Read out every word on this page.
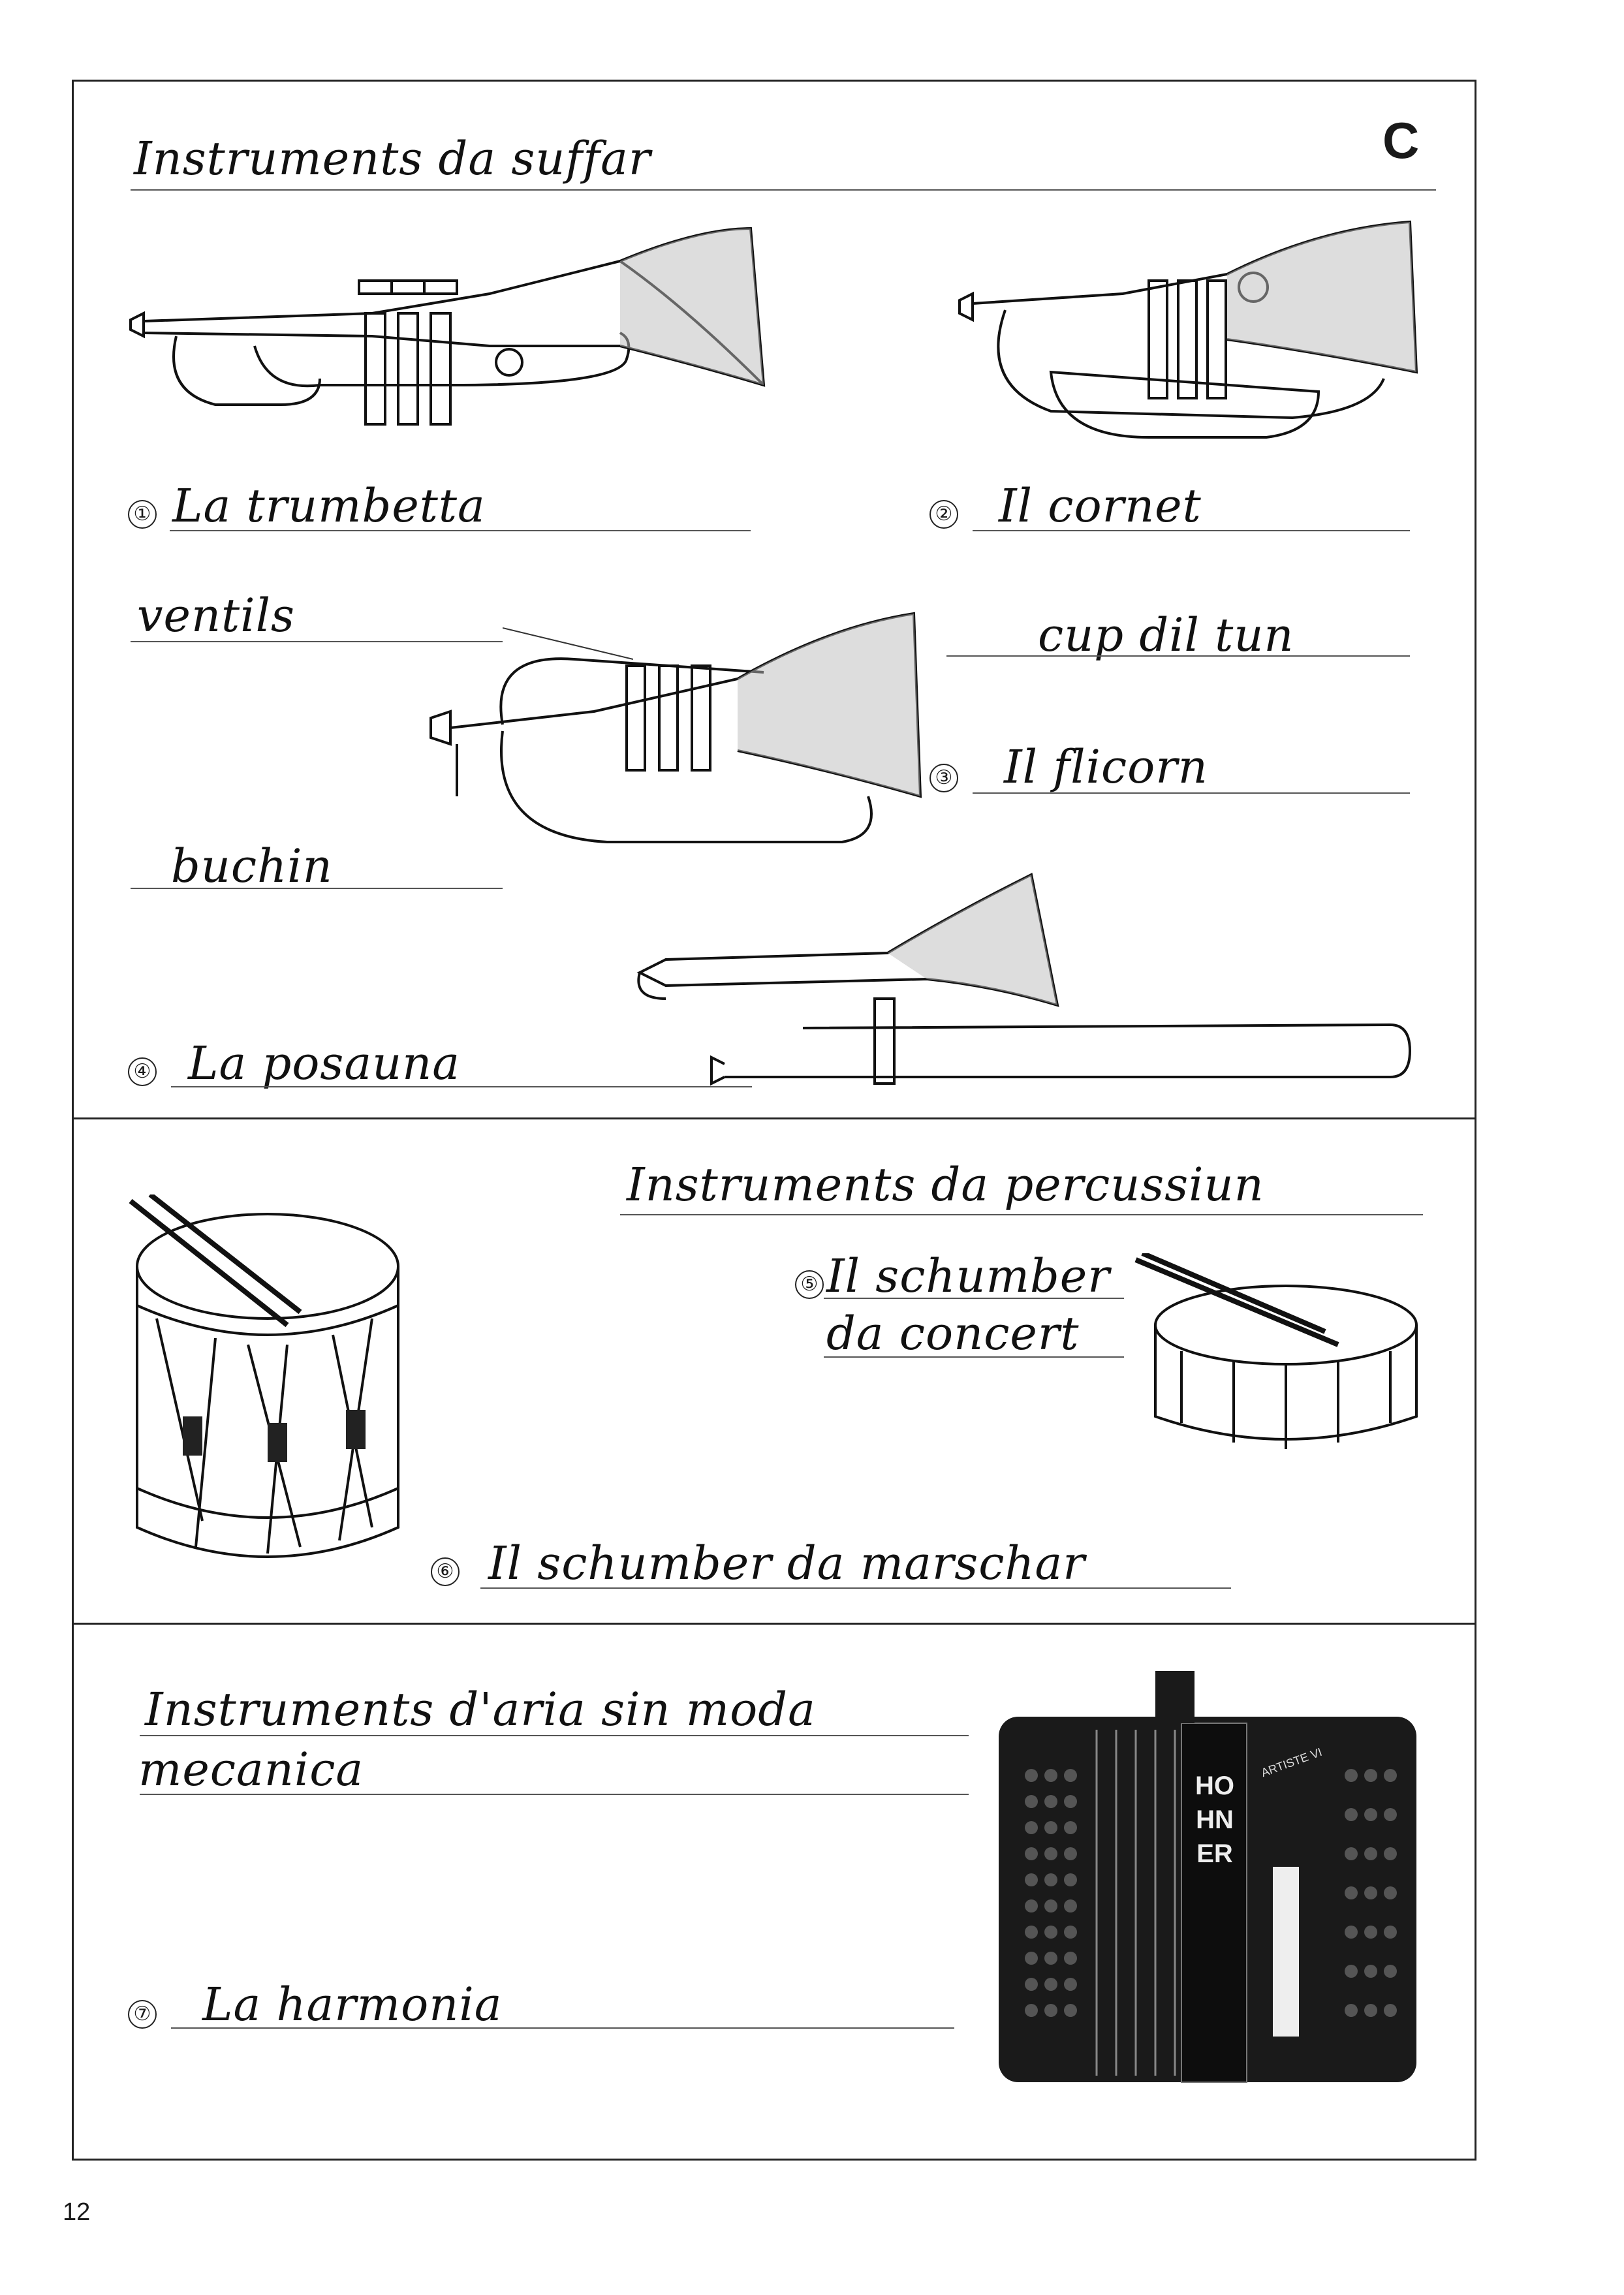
C
Instruments da suffar
① La trumbetta	② Il cornet
ventils	cup dil tun
③ Il flicorn
buchin
④ La posauna
Instruments da percussiun
⑤ Il schumber
da concert
⑥ Il schumber da marschar
Instruments d'aria sin moda
mecanica
⑦ La harmonia
HOHNER
ARTISTE VI
12
